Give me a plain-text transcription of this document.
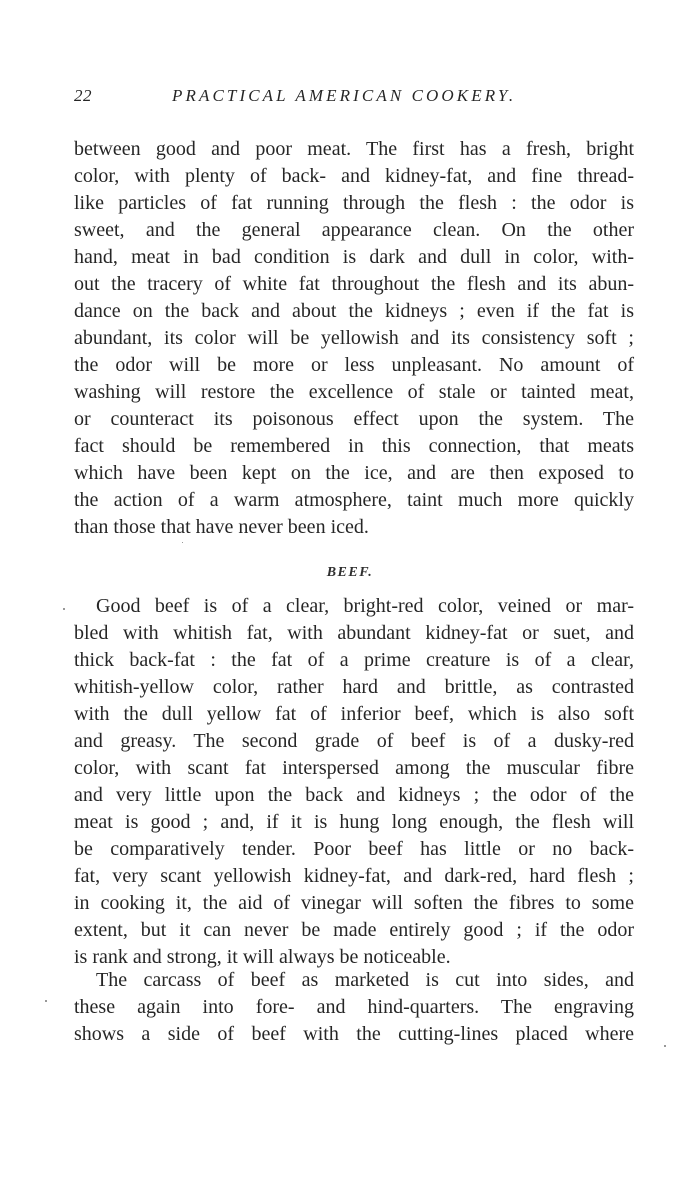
22	PRACTICAL AMERICAN COOKERY.
between good and poor meat. The first has a fresh, bright
color, with plenty of back- and kidney-fat, and fine thread-
like particles of fat running through the flesh : the odor is
sweet, and the general appearance clean. On the other
hand, meat in bad condition is dark and dull in color, with-
out the tracery of white fat throughout the flesh and its abun-
dance on the back and about the kidneys ; even if the fat is
abundant, its color will be yellowish and its consistency soft ;
the odor will be more or less unpleasant. No amount of
washing will restore the excellence of stale or tainted meat,
or counteract its poisonous effect upon the system. The
fact should be remembered in this connection, that meats
which have been kept on the ice, and are then exposed to
the action of a warm atmosphere, taint much more quickly
than those that have never been iced.
BEEF.
Good beef is of a clear, bright-red color, veined or mar-
bled with whitish fat, with abundant kidney-fat or suet, and
thick back-fat : the fat of a prime creature is of a clear,
whitish-yellow color, rather hard and brittle, as contrasted
with the dull yellow fat of inferior beef, which is also soft
and greasy. The second grade of beef is of a dusky-red
color, with scant fat interspersed among the muscular fibre
and very little upon the back and kidneys ; the odor of the
meat is good ; and, if it is hung long enough, the flesh will
be comparatively tender. Poor beef has little or no back-
fat, very scant yellowish kidney-fat, and dark-red, hard flesh ;
in cooking it, the aid of vinegar will soften the fibres to some
extent, but it can never be made entirely good ; if the odor
is rank and strong, it will always be noticeable.
The carcass of beef as marketed is cut into sides, and
these again into fore- and hind-quarters. The engraving
shows a side of beef with the cutting-lines placed where
